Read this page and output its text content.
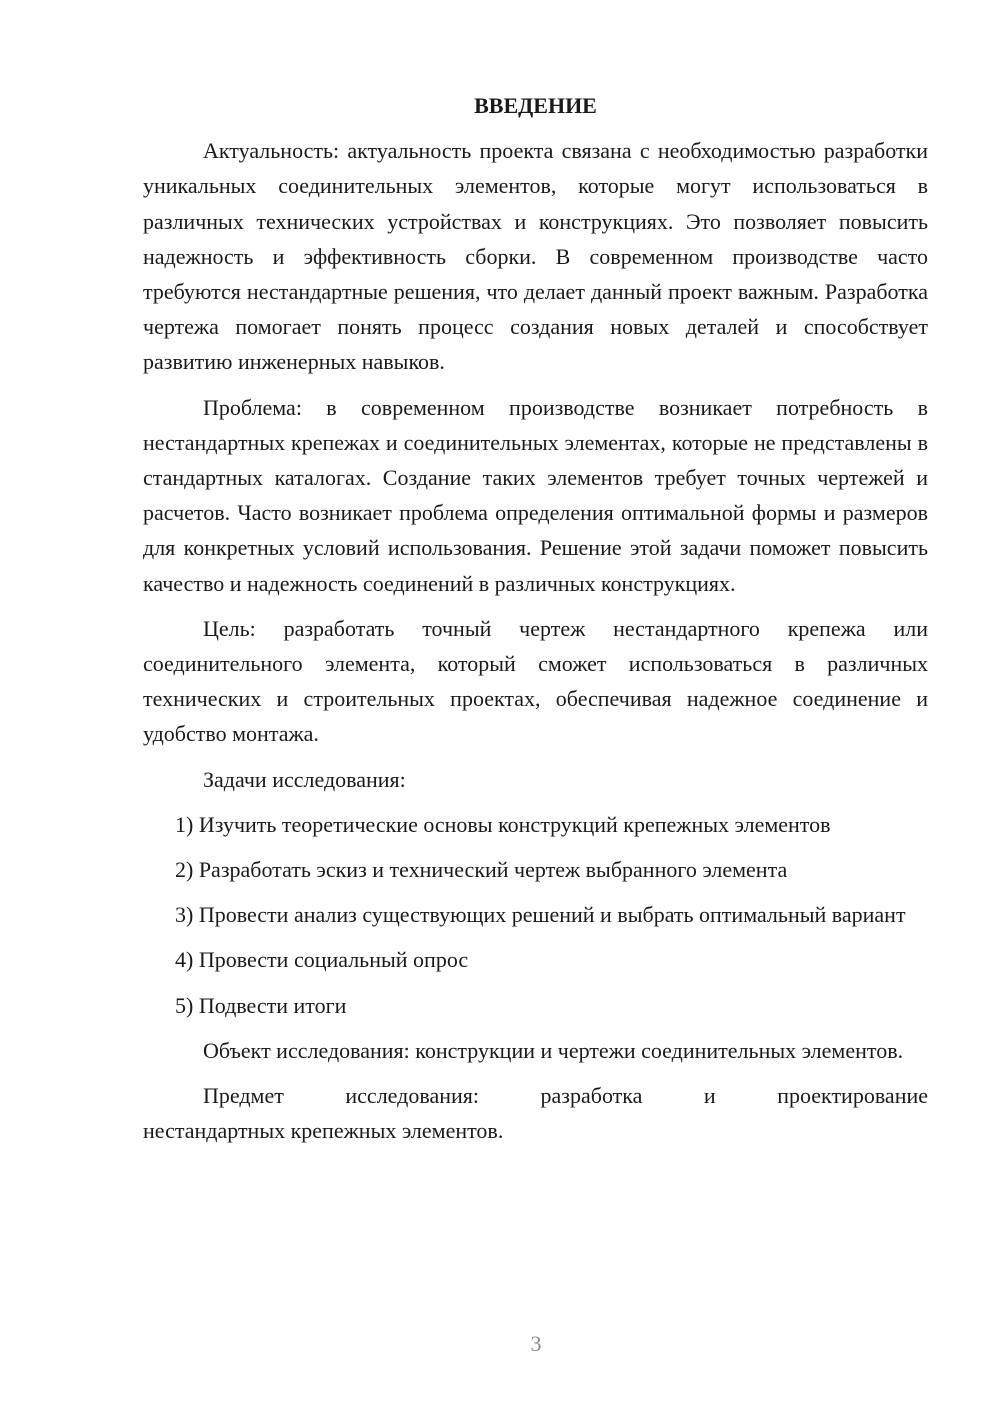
ВВЕДЕНИЕ

Актуальность: актуальность проекта связана с необходимостью разработки уникальных соединительных элементов, которые могут использоваться в различных технических устройствах и конструкциях. Это позволяет повысить надежность и эффективность сборки. В современном производстве часто требуются нестандартные решения, что делает данный проект важным. Разработка чертежа помогает понять процесс создания новых деталей и способствует развитию инженерных навыков.

Проблема: в современном производстве возникает потребность в нестандартных крепежах и соединительных элементах, которые не представлены в стандартных каталогах. Создание таких элементов требует точных чертежей и расчетов. Часто возникает проблема определения оптимальной формы и размеров для конкретных условий использования. Решение этой задачи поможет повысить качество и надежность соединений в различных конструкциях.

Цель: разработать точный чертеж нестандартного крепежа или соединительного элемента, который сможет использоваться в различных технических и строительных проектах, обеспечивая надежное соединение и удобство монтажа.

Задачи исследования:

1) Изучить теоретические основы конструкций крепежных элементов

2) Разработать эскиз и технический чертеж выбранного элемента

3) Провести анализ существующих решений и выбрать оптимальный вариант

4) Провести социальный опрос

5) Подвести итоги

Объект исследования: конструкции и чертежи соединительных элементов.

Предмет исследования: разработка и проектирование

нестандартных крепежных элементов.

3
